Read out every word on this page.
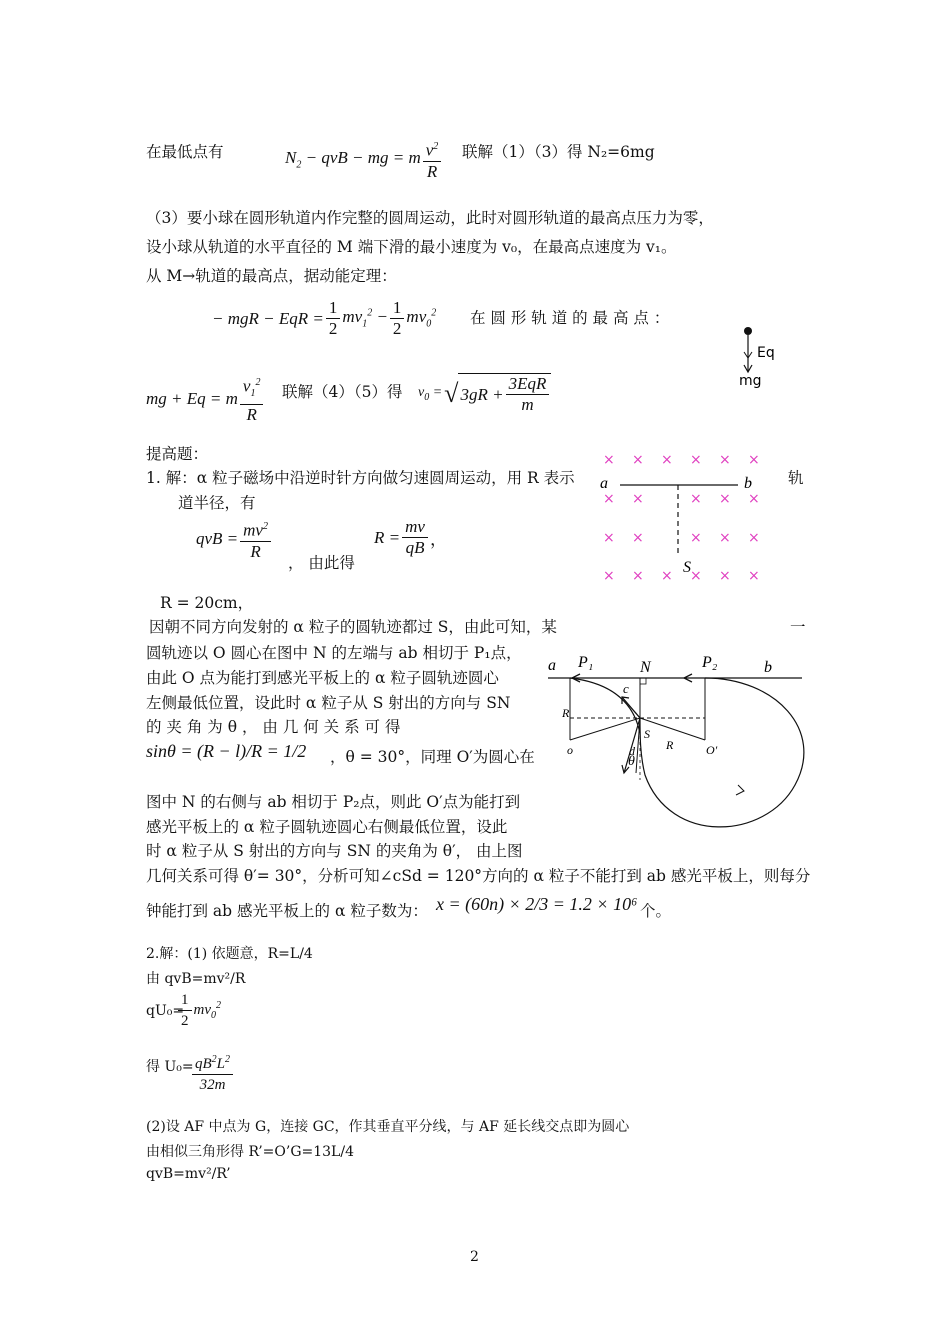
在最低点有	$N_2$ − qvB − mg = m $\frac{v^2}{R}$ 联解（1）（3）得 N₂=6mg
（3）要小球在圆形轨道内作完整的圆周运动，此时对圆形轨道的最高点压力为零，
设小球从轨道的水平直径的 M 端下滑的最小速度为 v₀，在最高点速度为 v₁。
从 M→轨道的最高点，据动能定理：
− mgR − EqR = $\frac{1}{2} mv_1^2 - \frac{1}{2} mv_0^2$ 在 圆 形 轨 道 的 最 高 点 ：
Eq
mg
mg + Eq = m $\frac{v_1^2}{R}$ 联解（4）（5）得 $v_0$ = √ $3gR + \frac{\text{3EqR}}{m}$
提高题：
1. 解：α 粒子磁场中沿逆时针方向做匀速圆周运动，用 R 表示	轨
道半径，有
qvB = $\frac{mv^2}{R}$
， 由此得
$R = \frac{mv}{qB}$ ，
R = 20cm，
× × × × × ×
× ×	× × ×
× ×	× × ×
× × × × × ×
a	b
S
因朝不同方向发射的 α 粒子的圆轨迹都过 S，由此可知，某	一
圆轨迹以 O 圆心在图中 N 的左端与 ab 相切于 P₁点，
由此 O 点为能打到感光平板上的 α 粒子圆轨迹圆心
左侧最低位置，设此时 α 粒子从 S 射出的方向与 SN
的 夹 角 为 θ ， 由 几 何 关 系 可 得
sinθ = (R − l)/R = 1/2 ，θ = 30°，同理 O′为圆心在
a P₁	N	P₂	b
c
R
S
R
o	O′
d
θ
图中 N 的右侧与 ab 相切于 P₂点，则此 O′点为能打到
感光平板上的 α 粒子圆轨迹圆心右侧最低位置，设此
时 α 粒子从 S 射出的方向与 SN 的夹角为 θ′， 由上图
几何关系可得 θ′= 30°，分析可知∠cSd = 120°方向的 α 粒子不能打到 ab 感光平板上，则每分
钟能打到 ab 感光平板上的 α 粒子数为： x = (60n) × 2/3 = 1.2 × 10⁶ 个。
2.解：(1) 依题意，R=L/4
由 qvB=mv²/R
qU₀=
$\frac{1}{2} mv_0^2$
得 U₀=
$\frac{qB^2L^2}{32m}$
(2)设 AF 中点为 G，连接 GC，作其垂直平分线，与 AF 延长线交点即为圆心
由相似三角形得 R’=O’G=13L/4
qvB=mv²/R’
2
